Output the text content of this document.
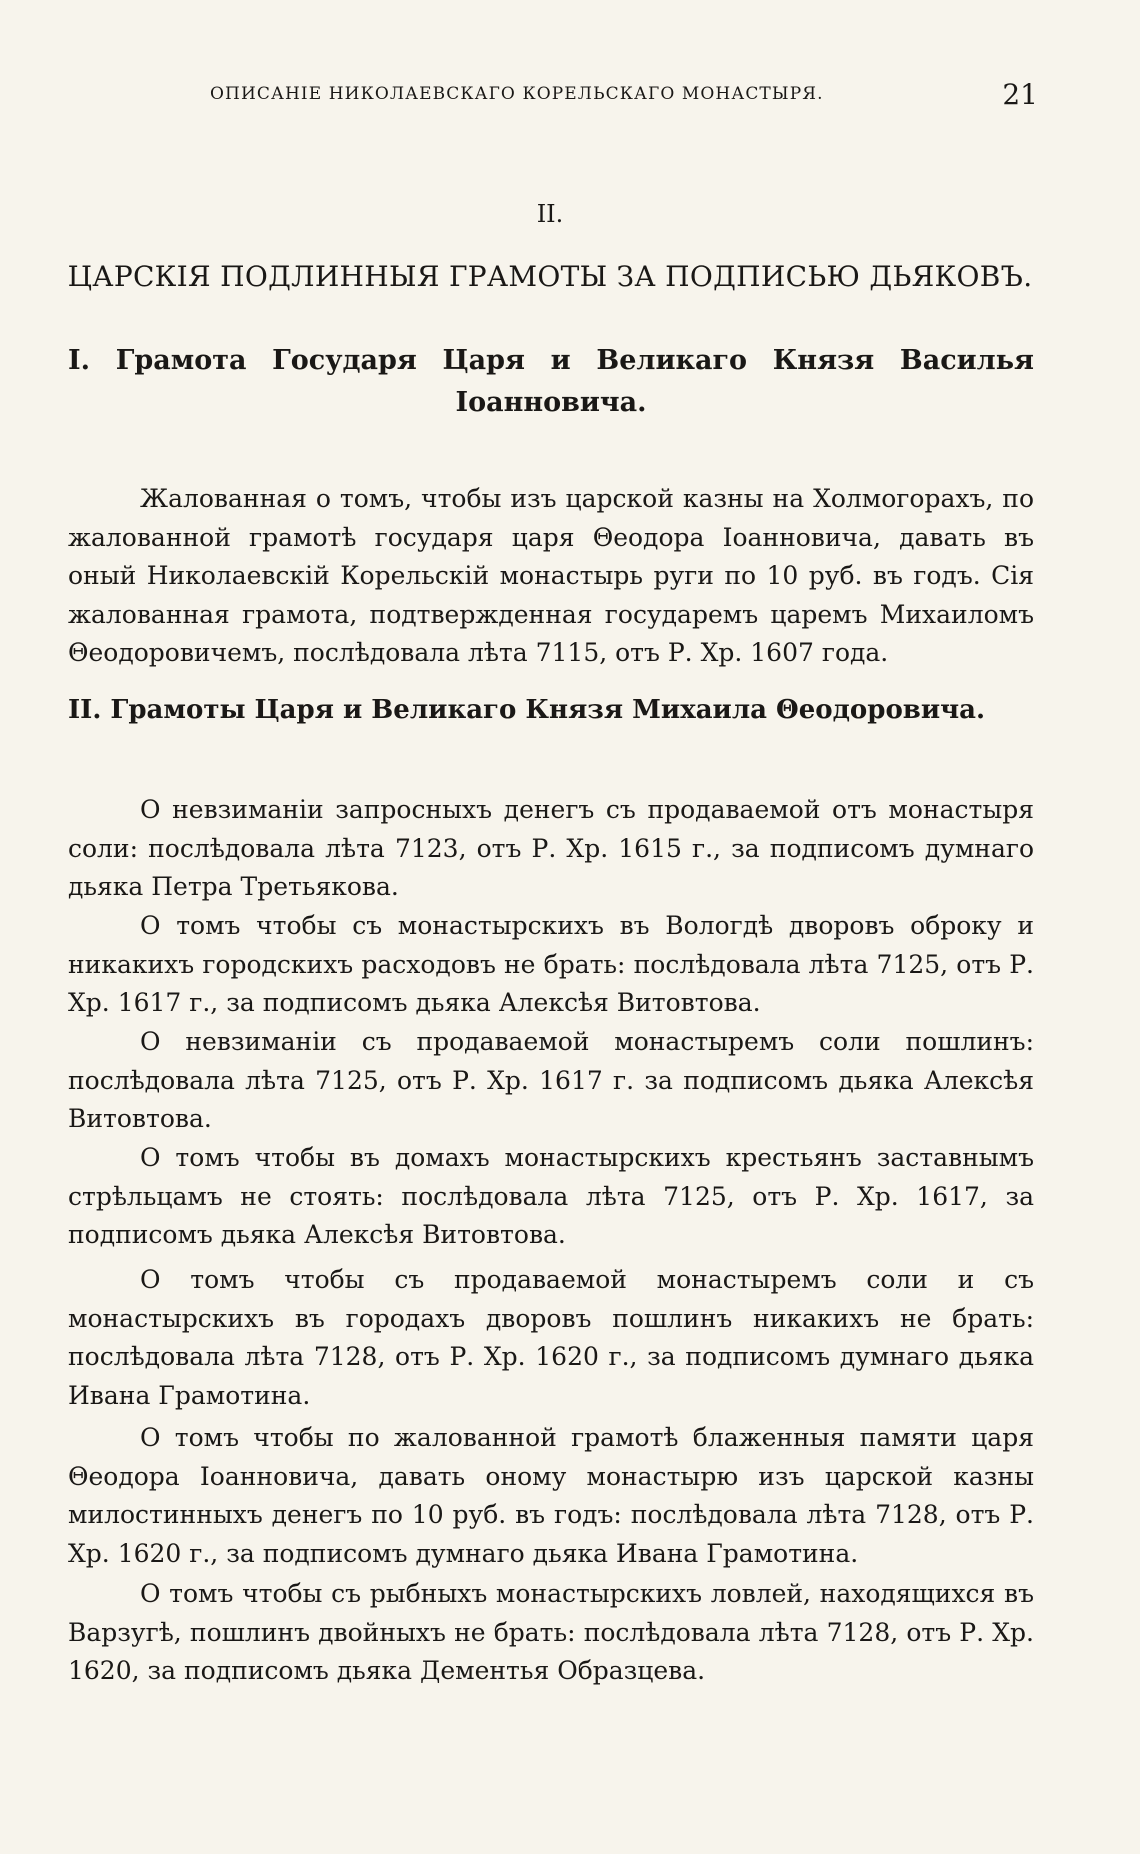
ОПИСАНІЕ НИКОЛАЕВСКАГО КОРЕЛЬСКАГО МОНАСТЫРЯ.	21
II.
ЦАРСКІЯ ПОДЛИННЫЯ ГРАМОТЫ ЗА ПОДПИСЬЮ ДЬЯКОВЪ.
I. Грамота Государя Царя и Великаго Князя Василья Іоанновича.

Жалованная о томъ, чтобы изъ царской казны на Холмогорахъ, по жалованной грамотѣ государя царя Θеодора Іоанновича, давать въ оный Николаевскій Корельскій монастырь руги по 10 руб. въ годъ. Сія жалованная грамота, подтвержденная государемъ царемъ Михаиломъ Θеодоровичемъ, послѣдовала лѣта 7115, отъ Р. Хр. 1607 года.

II. Грамоты Царя и Великаго Князя Михаила Θеодоровича.

О невзиманіи запросныхъ денегъ съ продаваемой отъ монастыря соли: послѣдовала лѣта 7123, отъ Р. Хр. 1615 г., за подписомъ думнаго дьяка Петра Третьякова.

О томъ чтобы съ монастырскихъ въ Вологдѣ дворовъ оброку и никакихъ городскихъ расходовъ не брать: послѣдовала лѣта 7125, отъ Р. Хр. 1617 г., за подписомъ дьяка Алексѣя Витовтова.

О невзиманіи съ продаваемой монастыремъ соли пошлинъ: послѣдовала лѣта 7125, отъ Р. Хр. 1617 г. за подписомъ дьяка Алексѣя Витовтова.

О томъ чтобы въ домахъ монастырскихъ крестьянъ заставнымъ стрѣльцамъ не стоять: послѣдовала лѣта 7125, отъ Р. Хр. 1617, за подписомъ дьяка Алексѣя Витовтова.

О томъ чтобы съ продаваемой монастыремъ соли и съ монастырскихъ въ городахъ дворовъ пошлинъ никакихъ не брать: послѣдовала лѣта 7128, отъ Р. Хр. 1620 г., за подписомъ думнаго дьяка Ивана Грамотина.

О томъ чтобы по жалованной грамотѣ блаженныя памяти царя Θеодора Іоанновича, давать оному монастырю изъ царской казны милостинныхъ денегъ по 10 руб. въ годъ: послѣдовала лѣта 7128, отъ Р. Хр. 1620 г., за подписомъ думнаго дьяка Ивана Грамотина.

О томъ чтобы съ рыбныхъ монастырскихъ ловлей, находящихся въ Варзугѣ, пошлинъ двойныхъ не брать: послѣдовала лѣта 7128, отъ Р. Хр. 1620, за подписомъ дьяка Дементья Образцева.
